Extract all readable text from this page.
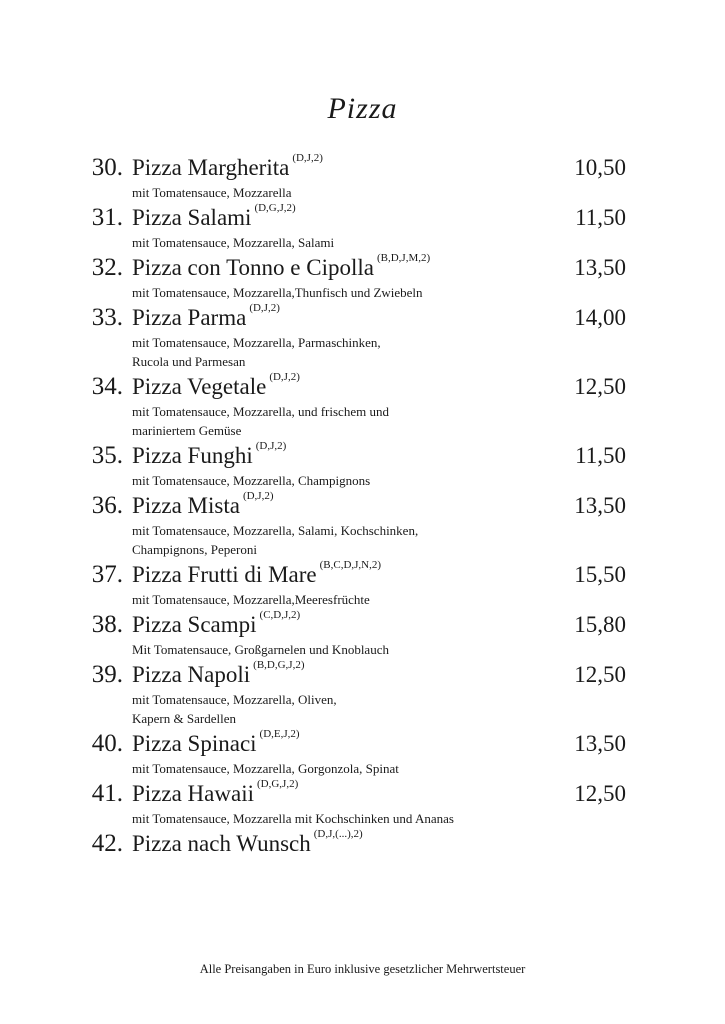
Pizza
30. Pizza Margherita $^{(D,J,2)}$	10,50
mit Tomatensauce, Mozzarella
31. Pizza Salami $^{(D,G,J,2)}$	11,50
mit Tomatensauce, Mozzarella, Salami
32. Pizza con Tonno e Cipolla $^{(B,D,J,M,2)}$	13,50
mit Tomatensauce, Mozzarella,Thunfisch und Zwiebeln
33. Pizza Parma $^{(D,J,2)}$	14,00
mit Tomatensauce, Mozzarella, Parmaschinken,
Rucola und Parmesan
34. Pizza Vegetale $^{(D,J,2)}$	12,50
mit Tomatensauce, Mozzarella, und frischem und
mariniertem Gemüse
35. Pizza Funghi $^{(D,J,2)}$	11,50
mit Tomatensauce, Mozzarella, Champignons
36. Pizza Mista $^{(D,J,2)}$	13,50
mit Tomatensauce, Mozzarella, Salami, Kochschinken,
Champignons, Peperoni
37. Pizza Frutti di Mare $^{(B,C,D,J,N,2)}$	15,50
mit Tomatensauce, Mozzarella,Meeresfrüchte
38. Pizza Scampi $^{(C,D,J,2)}$	15,80
Mit Tomatensauce, Großgarnelen und Knoblauch
39. Pizza Napoli $^{(B,D,G,J,2)}$	12,50
mit Tomatensauce, Mozzarella, Oliven,
Kapern & Sardellen
40. Pizza Spinaci $^{(D,E,J,2)}$	13,50
mit Tomatensauce, Mozzarella, Gorgonzola, Spinat
41. Pizza Hawaii $^{(D,G,J,2)}$	12,50
mit Tomatensauce, Mozzarella mit Kochschinken und Ananas
42. Pizza nach Wunsch $^{(D,J,(...),2)}$
Alle Preisangaben in Euro inklusive gesetzlicher Mehrwertsteuer
